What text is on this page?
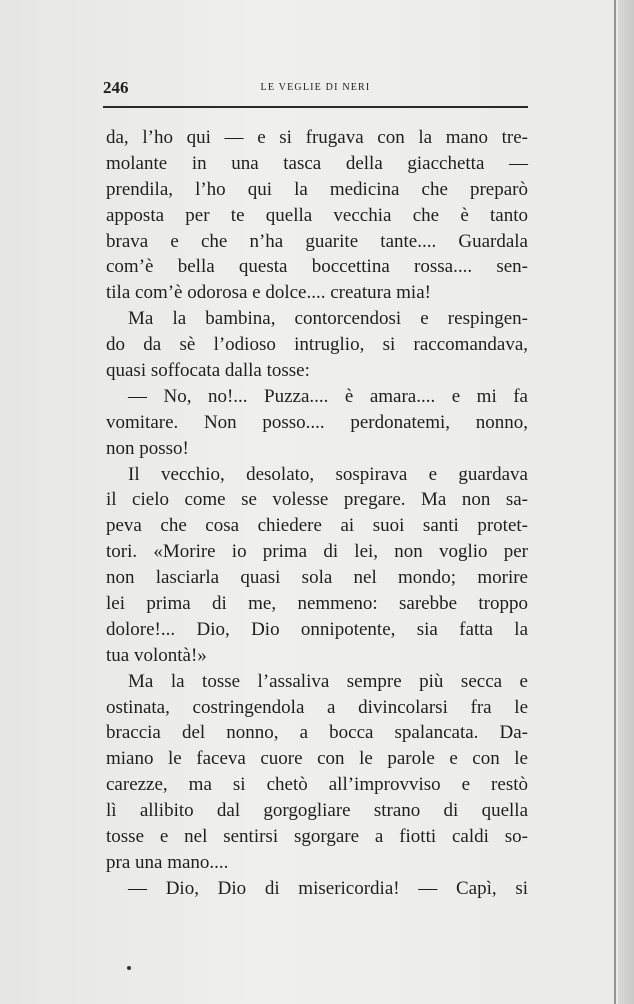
246	LE VEGLIE DI NERI
da, l’ho qui — e si frugava con la mano tre-
molante in una tasca della giacchetta —
prendila, l’ho qui la medicina che preparò
apposta per te quella vecchia che è tanto
brava e che n’ha guarite tante.... Guardala
com’è bella questa boccettina rossa.... sen-
tila com’è odorosa e dolce.... creatura mia!
Ma la bambina, contorcendosi e respingen-
do da sè l’odioso intruglio, si raccomandava,
quasi soffocata dalla tosse:
— No, no!... Puzza.... è amara.... e mi fa
vomitare. Non posso.... perdonatemi, nonno,
non posso!
Il vecchio, desolato, sospirava e guardava
il cielo come se volesse pregare. Ma non sa-
peva che cosa chiedere ai suoi santi protet-
tori. «Morire io prima di lei, non voglio per
non lasciarla quasi sola nel mondo; morire
lei prima di me, nemmeno: sarebbe troppo
dolore!... Dio, Dio onnipotente, sia fatta la
tua volontà!»
Ma la tosse l’assaliva sempre più secca e
ostinata, costringendola a divincolarsi fra le
braccia del nonno, a bocca spalancata. Da-
miano le faceva cuore con le parole e con le
carezze, ma si chetò all’improvviso e restò
lì allibito dal gorgogliare strano di quella
tosse e nel sentirsi sgorgare a fiotti caldi so-
pra una mano....
— Dio, Dio di misericordia! — Capì, si
